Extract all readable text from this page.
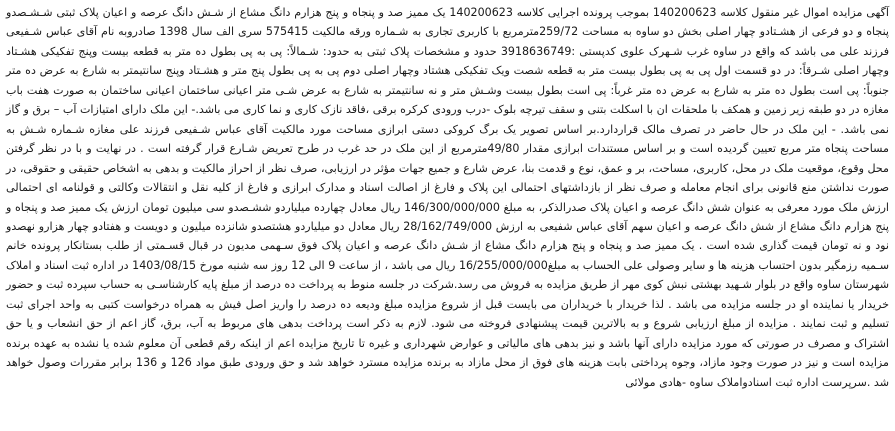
آگهی مزایده اموال غیر منقول کلاسه 140200623 بموجب پرونده اجرایی کلاسه 140200623 یک ممیز صد و پنجاه و پنج هزارم دانگ مشاع از شـش دانگ عرصه و اعیان پلاک ثبتی شـشـصدو پنجاه و دو فرعی از هشـتادو چهار اصلی بخش دو ساوه به مساحت 259/72مترمربع با کاربری تجاری به شـماره ورقه مالکیت 575415 سری الف سال 1398 صادروبه نام آقای عباس شـفیعی فرزند علی می باشد که واقع در ساوه غرب شـهرک علوی کدپستی :3918636749 حدود و مشخصات پلاک ثبتی به حدود: شـمالاً: پی به پی بطول ده متر به قطعه بیست وپنج تفکیکی هشـتاد وچهار اصلی شـرقاً: در دو قسمت اول پی به پی بطول بیست متر به قطعه شصت ویک تفکیکی هشتاد وچهار اصلی دوم پی به پی بطول پنج متر و هشـتاد وپنج سانتیمتر به شارع به عرض ده متر جنوباً: پی است بطول ده متر به شارع به عرض ده متر غرباً: پی است بطول بیست وشـش متر و نه سانتیمتر به شارع به عرض شـی متر اعیانی ساختمان اعیانی ساختمان به صورت هفت باب مغازه در دو طبقه زیر زمین و همکف با ملحقات ان با اسکلت بتنی و سقف تیرچه بلوک -درب ورودی کرکره برقی ،فاقد نازک کاری و نما کاری می باشد.- این ملک دارای امتیازات آب – برق و گاز نمی باشد. - این ملک در حال حاضر در تصرف مالک قراردارد.بر اساس تصویر یک برگ کروکی دستی ابرازی مساحت مورد مالکیت آقای عباس شـفیعی فرزند علی مغازه شـماره شـش به مساحت پنجاه متر مربع تعیین گردیده است و بر اساس مستندات ابرازی مقدار 49/80مترمربع از این ملک در حد غرب در طرح تعریض شـارع قرار گرفته است . در نهایت و با در نظر گرفتن محل وقوع، موقعیت ملک در محل، کاربری، مساحت، بر و عمق، نوع و قدمت بنا، عرض شارع و جمیع جهات مؤثر در ارزیابی، صرف نظر از احراز مالکیت و بدهی به اشخاص حقیقی و حقوقی، در صورت نداشتن منع قانونی برای انجام معامله و صرف نظر از بازداشتهای احتمالی این پلاک و فارغ از اصالت اسناد و مدارک ابرازی و فارغ از کلیه نقل و انتقالات وکالتی و قولنامه ای احتمالی ارزش ملک مورد معرفی به عنوان شش دانگ عرصه و اعیان پلاک صدرالذکر، به مبلغ 146/300/000/000 ریال معادل چهارده میلیاردو ششـصدو سی میلیون تومان ارزش یک ممیز صد و پنجاه و پنج هزارم دانگ مشاع از شش دانگ عرصه و اعیان سهم آقای عباس شفیعی به ارزش 28/162/749/000 ریال معادل دو میلیاردو هشتصدو شانزده میلیون و دویست و هفتادو چهار هزارو نهصدو نود و نه تومان قیمت گذاری شده است . یک ممیز صد و پنجاه و پنج هزارم دانگ مشاع از شـش دانگ عرصه و اعیان پلاک فوق سـهمی مدیون در قبال قسـمتی از طلب بستانکار پرونده خانم سـمیه رزمگیر بدون احتساب هزینه ها و سایر وصولی علی الحساب به مبلغ16/255/000/000 ریال می باشد ، از ساعت 9 الی 12 روز سه شنبه مورخ 1403/08/15 در اداره ثبت اسناد و املاک شهرستان ساوه واقع در بلوار شـهید بهشتی نبش کوی مهر از طریق مزایده به فروش می رسد.شرکت در جلسه منوط به پرداخت ده درصد از مبلغ پایه کارشناسـی به حساب سپرده ثبت و حضور خریدار یا نماینده او در جلسه مزایده می باشد . لذا خریدار با خریداران می بایست قبل از شروع مزایده مبلغ ودیعه ده درصد را واریز اصل فیش به همراه درخواست کتبی به واحد اجرای ثبت تسلیم و ثبت نمایند . مزایده از مبلغ ارزیابی شروع و به بالاترین قیمت پیشنهادی فروخته می شود. لازم به ذکر است پرداخت بدهی های مربوط به آب، برق، گاز اعم از حق انشعاب و یا حق اشتراک و مصرف در صورتی که مورد مزایده دارای آنها باشد و نیز بدهی های مالیاتی و عوارض شهرداری و غیره تا تاریخ مزایده اعم از اینکه رقم قطعی آن معلوم شده یا نشده به عهده برنده مزایده است و نیز در صورت وجود مازاد، وجوه پرداختی بابت هزینه های فوق از محل مازاد به برنده مزایده مسترد خواهد شد و حق ورودی طبق مواد 126 و 136 برابر مقررات وصول خواهد شد .سرپرست اداره ثبت اسنادواملاک ساوه -هادی مولائی
